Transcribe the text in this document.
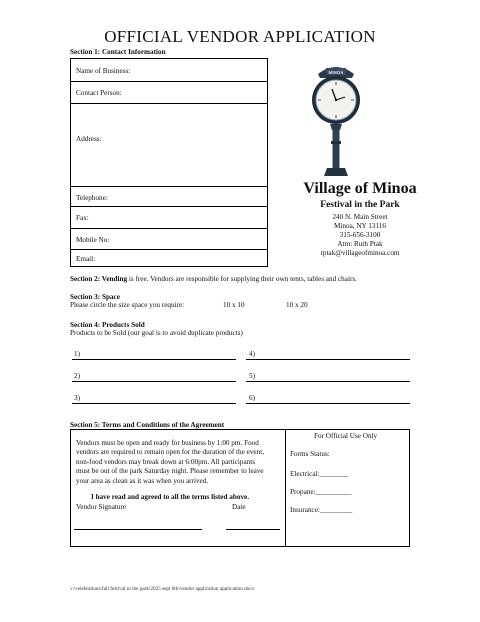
OFFICIAL VENDOR APPLICATION
Section 1: Contact Information
Name of Business:
Contact Person:
Address:
Telephone:
Fax:
Mobile No:
Email:
MINOA
Village of Minoa
Festival in the Park
240 N. Main Street
Minoa, NY 13116
315-656-3100
Attn: Ruth Ptak
rptak@villageofminoa.com
Section 2: Vending is free. Vendors are responsible for supplying their own tents, tables and chairs.
Section 3: Space
Please circle the size space you require:	10 x 10	10 x 20
Section 4: Products Sold
Products to be Sold (our goal is to avoid duplicate products)
1)	4)
2)	5)
3)	6)
Section 5: Terms and Conditions of the Agreement
Vendors must be open and ready for business by 1:00 pm. Food
vendors are required to remain open for the duration of the event,
non-food vendors may break down at 6:00pm. All participants
must be out of the park Saturday night. Please remember to leave
your area as clean as it was when you arrived.
I have read and agreed to all the terms listed above.
Vendor Signature	Date
For Official Use Only
Forms Status:
Electrical:________
Propane:__________
Insurance:_________
v:\celebrations\fall festival in the park\2025 sept 6th\vendor application application.docx
